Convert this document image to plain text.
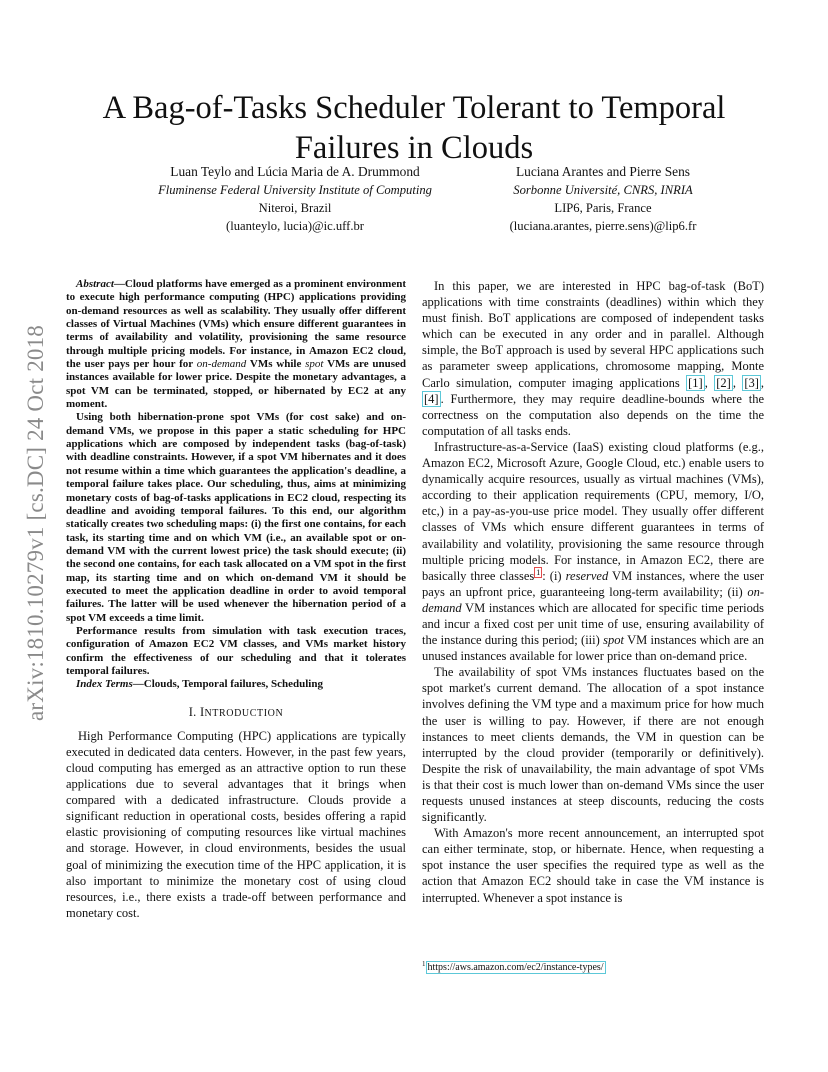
arXiv:1810.10279v1 [cs.DC] 24 Oct 2018
A Bag-of-Tasks Scheduler Tolerant to Temporal Failures in Clouds
Luan Teylo and Lúcia Maria de A. Drummond
Fluminense Federal University Institute of Computing
Niteroi, Brazil
(luanteylo, lucia)@ic.uff.br
Luciana Arantes and Pierre Sens
Sorbonne Université, CNRS, INRIA
LIP6, Paris, France
(luciana.arantes, pierre.sens)@lip6.fr

Abstract—Cloud platforms have emerged as a prominent environment to execute high performance computing (HPC) applications providing on-demand resources as well as scalability. They usually offer different classes of Virtual Machines (VMs) which ensure different guarantees in terms of availability and volatility, provisioning the same resource through multiple pricing models. For instance, in Amazon EC2 cloud, the user pays per hour for on-demand VMs while spot VMs are unused instances available for lower price. Despite the monetary advantages, a spot VM can be terminated, stopped, or hibernated by EC2 at any moment.

Using both hibernation-prone spot VMs (for cost sake) and on-demand VMs, we propose in this paper a static scheduling for HPC applications which are composed by independent tasks (bag-of-task) with deadline constraints. However, if a spot VM hibernates and it does not resume within a time which guarantees the application's deadline, a temporal failure takes place. Our scheduling, thus, aims at minimizing monetary costs of bag-of-tasks applications in EC2 cloud, respecting its deadline and avoiding temporal failures. To this end, our algorithm statically creates two scheduling maps: (i) the first one contains, for each task, its starting time and on which VM (i.e., an available spot or on-demand VM with the current lowest price) the task should execute; (ii) the second one contains, for each task allocated on a VM spot in the first map, its starting time and on which on-demand VM it should be executed to meet the application deadline in order to avoid temporal failures. The latter will be used whenever the hibernation period of a spot VM exceeds a time limit.

Performance results from simulation with task execution traces, configuration of Amazon EC2 VM classes, and VMs market history confirm the effectiveness of our scheduling and that it tolerates temporal failures.

Index Terms—Clouds, Temporal failures, Scheduling

I. INTRODUCTION

High Performance Computing (HPC) applications are typically executed in dedicated data centers. However, in the past few years, cloud computing has emerged as an attractive option to run these applications due to several advantages that it brings when compared with a dedicated infrastructure. Clouds provide a significant reduction in operational costs, besides offering a rapid elastic provisioning of computing resources like virtual machines and storage. However, in cloud environments, besides the usual goal of minimizing the execution time of the HPC application, it is also important to minimize the monetary cost of using cloud resources, i.e., there exists a trade-off between performance and monetary cost.

In this paper, we are interested in HPC bag-of-task (BoT) applications with time constraints (deadlines) within which they must finish. BoT applications are composed of independent tasks which can be executed in any order and in parallel. Although simple, the BoT approach is used by several HPC applications such as parameter sweep applications, chromosome mapping, Monte Carlo simulation, computer imaging applications [1] , [2] , [3] , [4] . Furthermore, they may require deadline-bounds where the correctness on the computation also depends on the time the computation of all tasks ends.

Infrastructure-as-a-Service (IaaS) existing cloud platforms (e.g., Amazon EC2, Microsoft Azure, Google Cloud, etc.) enable users to dynamically acquire resources, usually as virtual machines (VMs), according to their application requirements (CPU, memory, I/O, etc,) in a pay-as-you-use price model. They usually offer different classes of VMs which ensure different guarantees in terms of availability and volatility, provisioning the same resource through multiple pricing models. For instance, in Amazon EC2, there are basically three classes $^1$ : (i) reserved VM instances, where the user pays an upfront price, guaranteeing long-term availability; (ii) on-demand VM instances which are allocated for specific time periods and incur a fixed cost per unit time of use, ensuring availability of the instance during this period; (iii) spot VM instances which are an unused instances available for lower price than on-demand price.

The availability of spot VMs instances fluctuates based on the spot market's current demand. The allocation of a spot instance involves defining the VM type and a maximum price for how much the user is willing to pay. However, if there are not enough instances to meet clients demands, the VM in question can be interrupted by the cloud provider (temporarily or definitively). Despite the risk of unavailability, the main advantage of spot VMs is that their cost is much lower than on-demand VMs since the user requests unused instances at steep discounts, reducing the costs significantly.

With Amazon's more recent announcement, an interrupted spot can either terminate, stop, or hibernate. Hence, when requesting a spot instance the user specifies the required type as well as the action that Amazon EC2 should take in case the VM instance is interrupted. Whenever a spot instance is

$^1$ https://aws.amazon.com/ec2/instance-types/
